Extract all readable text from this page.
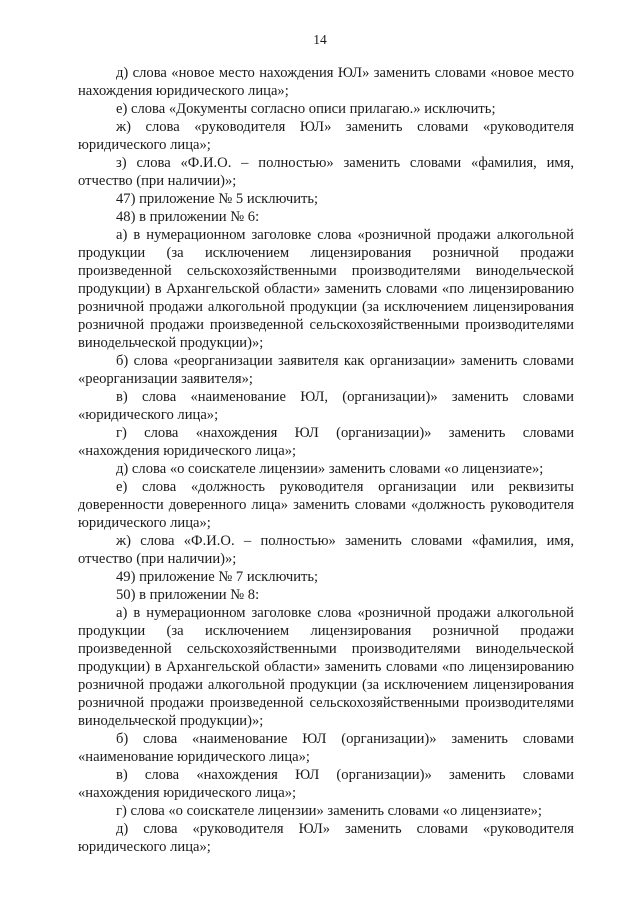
14

д) слова «новое место нахождения ЮЛ» заменить словами «новое место нахождения юридического лица»;

е) слова «Документы согласно описи прилагаю.» исключить;

ж) слова «руководителя ЮЛ» заменить словами «руководителя юридического лица»;

з) слова «Ф.И.О. – полностью» заменить словами «фамилия, имя, отчество (при наличии)»;

47) приложение № 5 исключить;

48) в приложении № 6:

а) в нумерационном заголовке слова «розничной продажи алкогольной продукции (за исключением лицензирования розничной продажи произведенной сельскохозяйственными производителями винодельческой продукции) в Архангельской области» заменить словами «по лицензированию розничной продажи алкогольной продукции (за исключением лицензирования розничной продажи произведенной сельскохозяйственными производителями винодельческой продукции)»;

б) слова «реорганизации заявителя как организации» заменить словами «реорганизации заявителя»;

в) слова «наименование ЮЛ, (организации)» заменить словами «юридического лица»;

г) слова «нахождения ЮЛ (организации)» заменить словами «нахождения юридического лица»;

д) слова «о соискателе лицензии» заменить словами «о лицензиате»;

е) слова «должность руководителя организации или реквизиты доверенности доверенного лица» заменить словами «должность руководителя юридического лица»;

ж) слова «Ф.И.О. – полностью» заменить словами «фамилия, имя, отчество (при наличии)»;

49) приложение № 7 исключить;

50) в приложении № 8:

а) в нумерационном заголовке слова «розничной продажи алкогольной продукции (за исключением лицензирования розничной продажи произведенной сельскохозяйственными производителями винодельческой продукции) в Архангельской области» заменить словами «по лицензированию розничной продажи алкогольной продукции (за исключением лицензирования розничной продажи произведенной сельскохозяйственными производителями винодельческой продукции)»;

б) слова «наименование ЮЛ (организации)» заменить словами «наименование юридического лица»;

в) слова «нахождения ЮЛ (организации)» заменить словами «нахождения юридического лица»;

г) слова «о соискателе лицензии» заменить словами «о лицензиате»;

д) слова «руководителя ЮЛ» заменить словами «руководителя юридического лица»;
